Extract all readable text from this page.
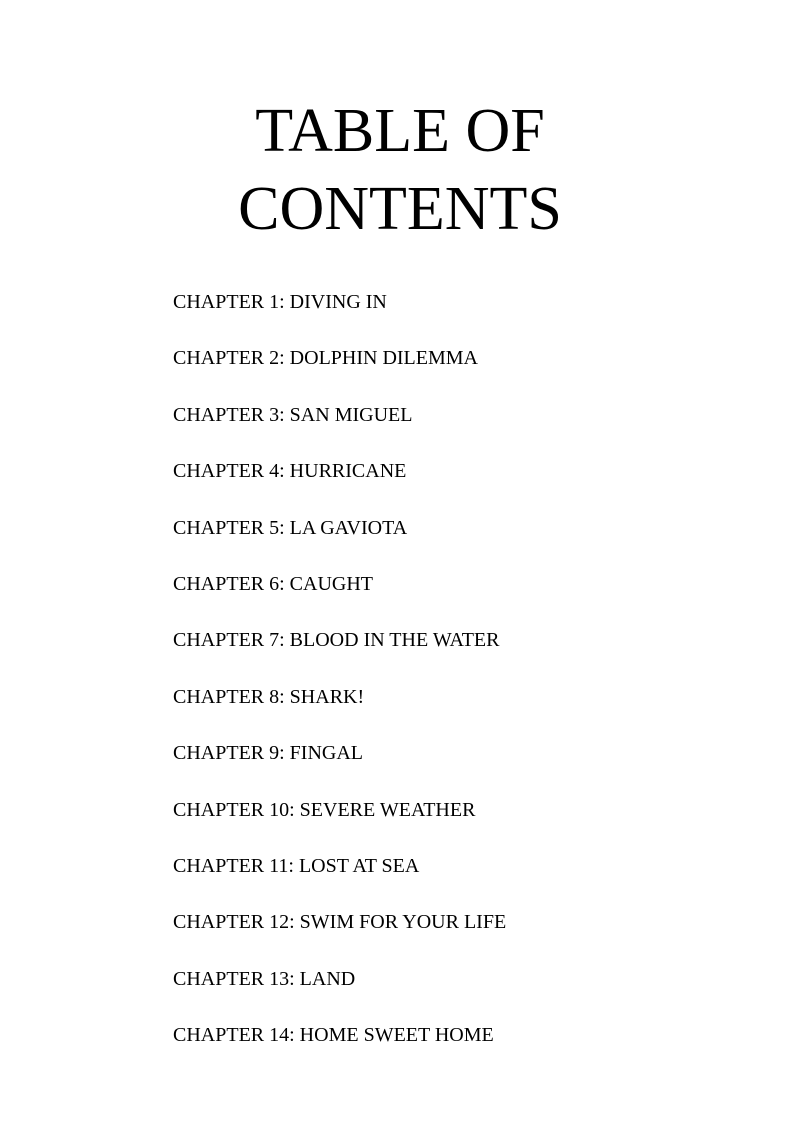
TABLE OF
CONTENTS
CHAPTER 1: DIVING IN
CHAPTER 2: DOLPHIN DILEMMA
CHAPTER 3: SAN MIGUEL
CHAPTER 4: HURRICANE
CHAPTER 5: LA GAVIOTA
CHAPTER 6: CAUGHT
CHAPTER 7: BLOOD IN THE WATER
CHAPTER 8: SHARK!
CHAPTER 9: FINGAL
CHAPTER 10: SEVERE WEATHER
CHAPTER 11: LOST AT SEA
CHAPTER 12: SWIM FOR YOUR LIFE
CHAPTER 13: LAND
CHAPTER 14: HOME SWEET HOME
